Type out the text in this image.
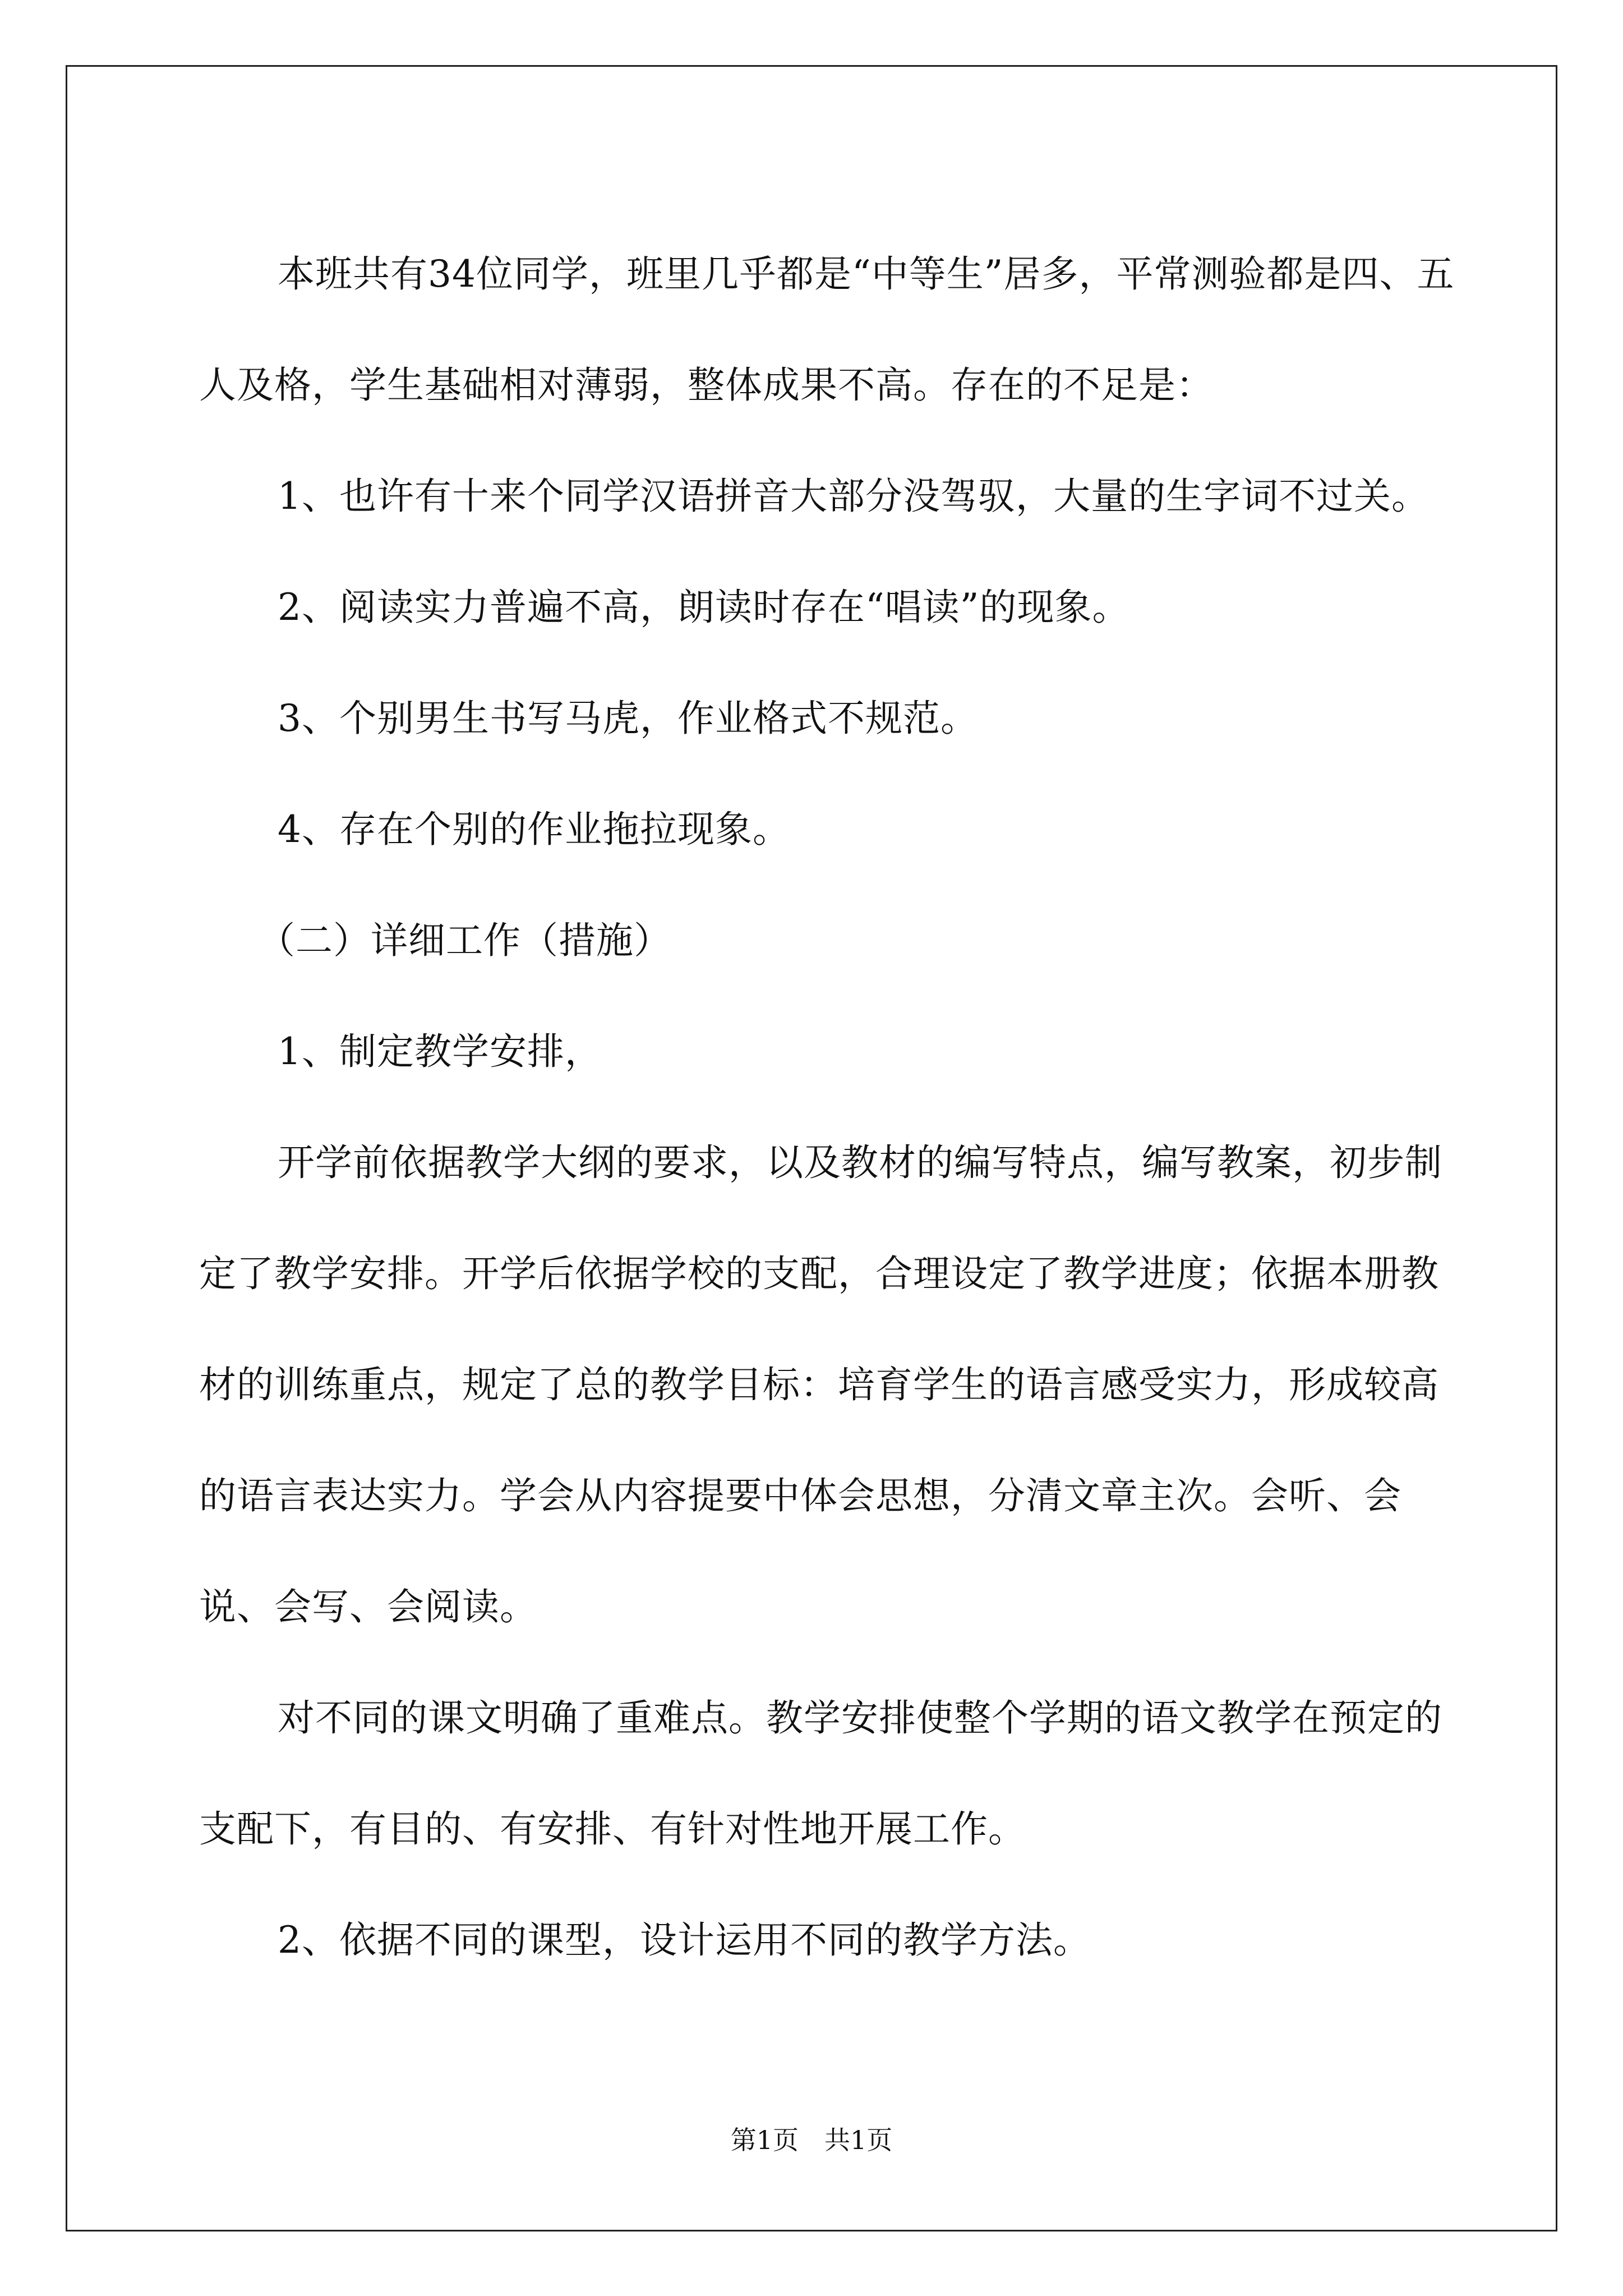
本班共有34位同学，班里几乎都是“中等生”居多，平常测验都是四、五人及格，学生基础相对薄弱，整体成果不高。存在的不足是：

1、也许有十来个同学汉语拼音大部分没驾驭，大量的生字词不过关。

2、阅读实力普遍不高，朗读时存在“唱读”的现象。

3、个别男生书写马虎，作业格式不规范。

4、存在个别的作业拖拉现象。

（二）详细工作（措施）

1、制定教学安排，

开学前依据教学大纲的要求，以及教材的编写特点，编写教案，初步制定了教学安排。开学后依据学校的支配，合理设定了教学进度；依据本册教材的训练重点，规定了总的教学目标：培育学生的语言感受实力，形成较高的语言表达实力。学会从内容提要中体会思想，分清文章主次。会听、会说、会写、会阅读。

对不同的课文明确了重难点。教学安排使整个学期的语文教学在预定的支配下，有目的、有安排、有针对性地开展工作。

2、依据不同的课型，设计运用不同的教学方法。

第1页　共1页
